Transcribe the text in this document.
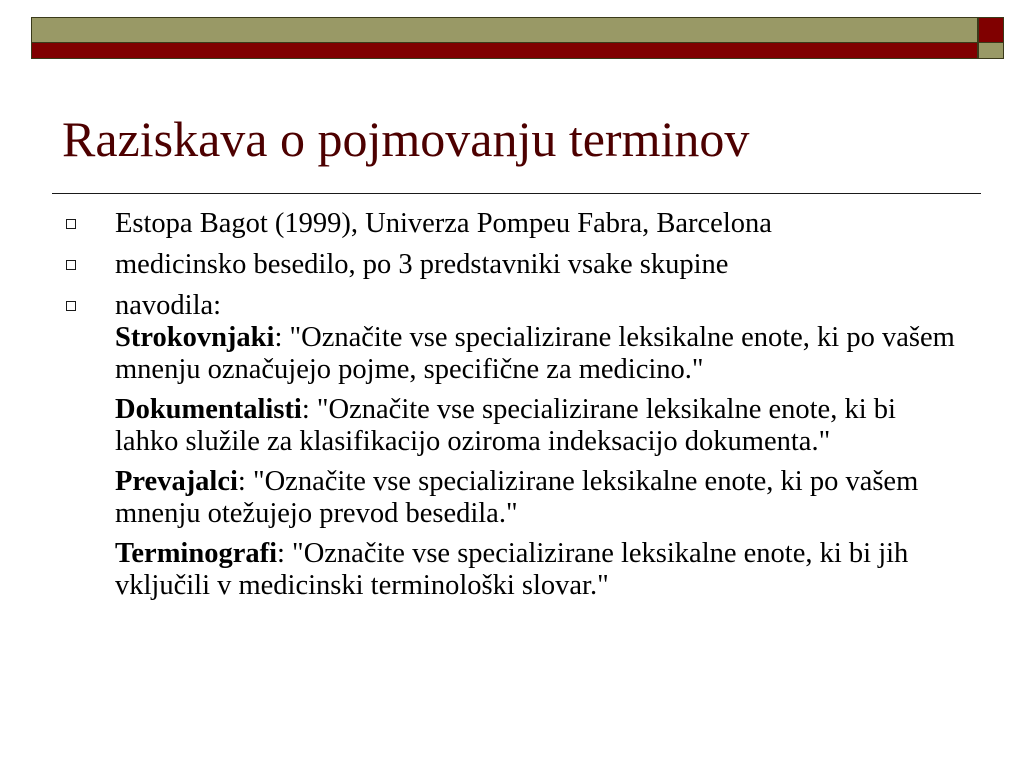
Raziskava o pojmovanju terminov
Estopa Bagot (1999), Univerza Pompeu Fabra, Barcelona
medicinsko besedilo, po 3 predstavniki vsake skupine
navodila:
Strokovnjaki: "Označite vse specializirane leksikalne enote, ki po vašem mnenju označujejo pojme, specifične za medicino."
Dokumentalisti: "Označite vse specializirane leksikalne enote, ki bi lahko služile za klasifikacijo oziroma indeksacijo dokumenta."
Prevajalci: "Označite vse specializirane leksikalne enote, ki po vašem mnenju otežujejo prevod besedila."
Terminografi: "Označite vse specializirane leksikalne enote, ki bi jih vključili v medicinski terminološki slovar."
